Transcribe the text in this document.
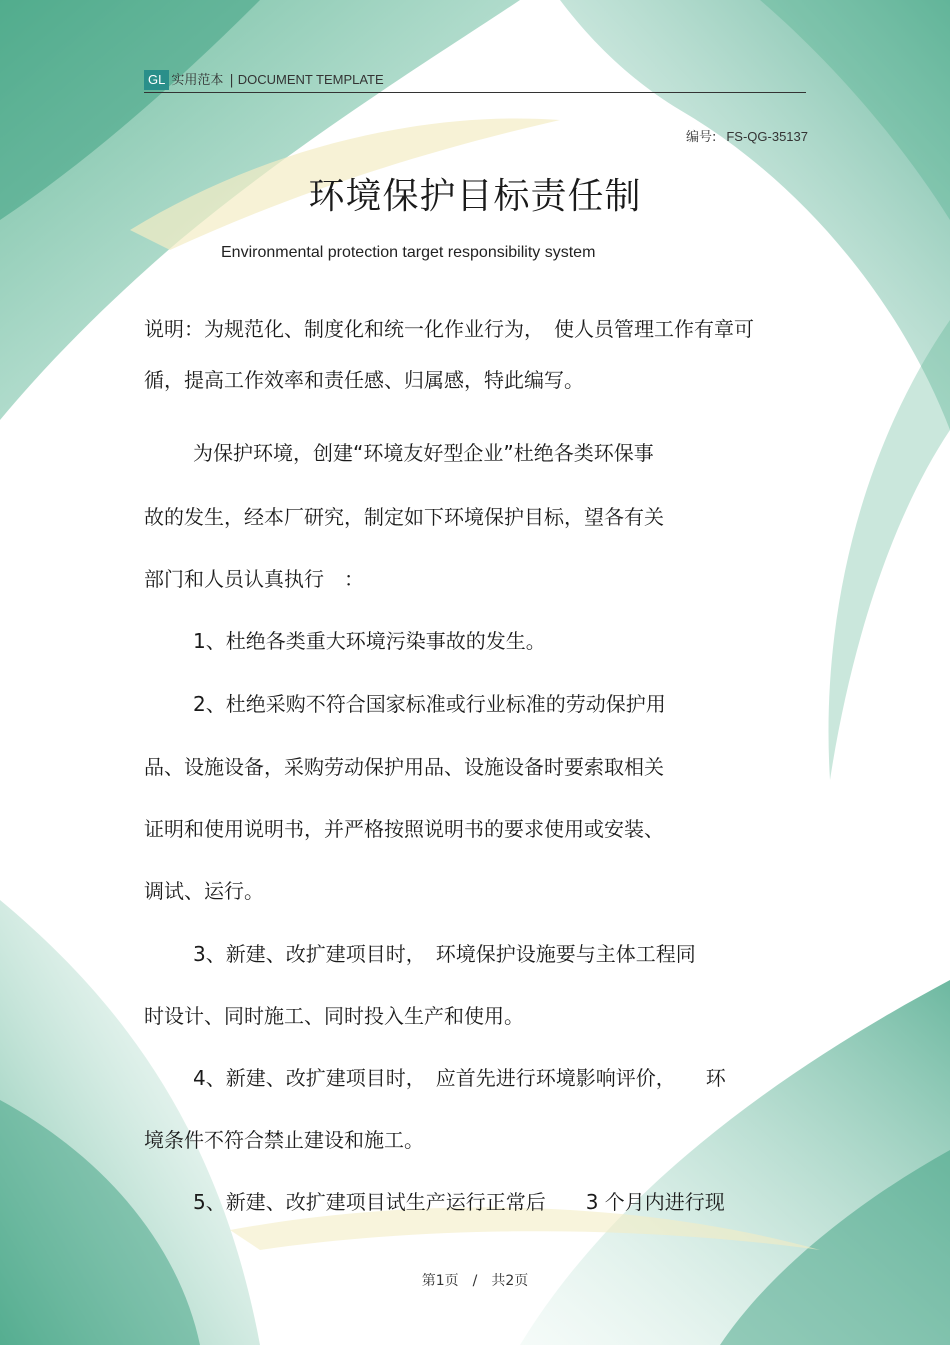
GL 实用范本 | DOCUMENT TEMPLATE
编号: FS-QG-35137
环境保护目标责任制
Environmental protection target responsibility system
说明：为规范化、制度化和统一化作业行为，　使人员管理工作有章可
循，提高工作效率和责任感、归属感，特此编写。
为保护环境，创建“环境友好型企业”杜绝各类环保事
故的发生，经本厂研究，制定如下环境保护目标，望各有关
部门和人员认真执行　：
1、杜绝各类重大环境污染事故的发生。
2、杜绝采购不符合国家标准或行业标准的劳动保护用
品、设施设备，采购劳动保护用品、设施设备时要索取相关
证明和使用说明书，并严格按照说明书的要求使用或安装、
调试、运行。
3、新建、改扩建项目时，　环境保护设施要与主体工程同
时设计、同时施工、同时投入生产和使用。
4、新建、改扩建项目时，　应首先进行环境影响评价，　　环
境条件不符合禁止建设和施工。
5、新建、改扩建项目试生产运行正常后　　3 个月内进行现
第1页　/　共2页
